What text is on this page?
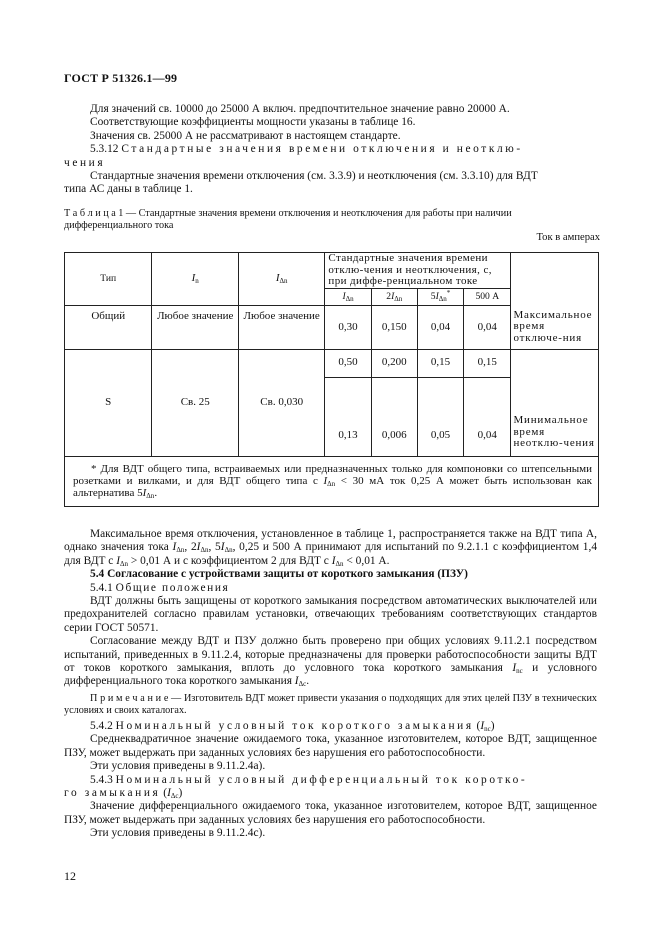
ГОСТ Р 51326.1—99

Для значений св. 10000 до 25000 А включ. предпочтительное значение равно 20000 А.

Соответствующие коэффициенты мощности указаны в таблице 16.

Значения св. 25000 А не рассматривают в настоящем стандарте.

5.3.12 Стандартные значения времени отключения и неотклю-

чения

Стандартные значения времени отключения (см. 3.3.9) и неотключения (см. 3.3.10) для ВДТ

типа АС даны в таблице 1.

Т а б л и ц а 1 — Стандартные значения времени отключения и неотключения для работы при наличии

дифференциального тока

Ток в амперах

Тип	$I_n$	$I_{\Delta n}$	Стандартные значения времени отклю-чения и неотключения, с, при диффе-ренциальном токе				
			$I_{\Delta n}$	$2I_{\Delta n}$	$5I_{\Delta n}^*$	500 А	
Общий	Любое значение	Любое значение	0,30	0,150	0,04	0,04	Максимальное время отключе-ния
S	Св. 25	Св. 0,030	0,50	0,200	0,15	0,15	
			0,13	0,006	0,05	0,04	Минимальное время неотклю-чения
* Для ВДТ общего типа, встраиваемых или предназначенных только для компоновки со штепсельными розетками и вилками, и для ВДТ общего типа с $I_{\Delta n} < 30$ мА ток 0,25 А может быть использован как альтернатива $5I_{\Delta n}$.							

Максимальное время отключения, установленное в таблице 1, распространяется также на ВДТ типа А, однако значения тока $I_{\Delta n}$, $2I_{\Delta n}$, $5I_{\Delta n}$, 0,25 и 500 А принимают для испытаний по 9.2.1.1 с коэффициентом 1,4 для ВДТ с $I_{\Delta n} > 0,01$ А и с коэффициентом 2 для ВДТ с $I_{\Delta n} < 0,01$ А.

5.4 Согласование с устройствами защиты от короткого замыкания (ПЗУ)

5.4.1 Общие положения

ВДТ должны быть защищены от короткого замыкания посредством автоматических выключателей или предохранителей согласно правилам установки, отвечающих требованиям соответствующих стандартов серии ГОСТ 50571.

Согласование между ВДТ и ПЗУ должно быть проверено при общих условиях 9.11.2.1 посредством испытаний, приведенных в 9.11.2.4, которые предназначены для проверки работоспособности защиты ВДТ от токов короткого замыкания, вплоть до условного тока короткого замыкания $I_{nc}$ и условного дифференциального тока короткого замыкания $I_{\Delta c}$.

П р и м е ч а н и е — Изготовитель ВДТ может привести указания о подходящих для этих целей ПЗУ в технических условиях и своих каталогах.

5.4.2 Номинальный условный ток короткого замыкания $(I_{nc})$

Среднеквадратичное значение ожидаемого тока, указанное изготовителем, которое ВДТ, защищенное ПЗУ, может выдержать при заданных условиях без нарушения его работоспособности.

Эти условия приведены в 9.11.2.4а).

5.4.3 Номинальный условный дифференциальный ток коротко-

го замыкания $(I_{\Delta c})$

Значение дифференциального ожидаемого тока, указанное изготовителем, которое ВДТ, защищенное ПЗУ, может выдержать при заданных условиях без нарушения его работоспособности.

Эти условия приведены в 9.11.2.4с).

12
